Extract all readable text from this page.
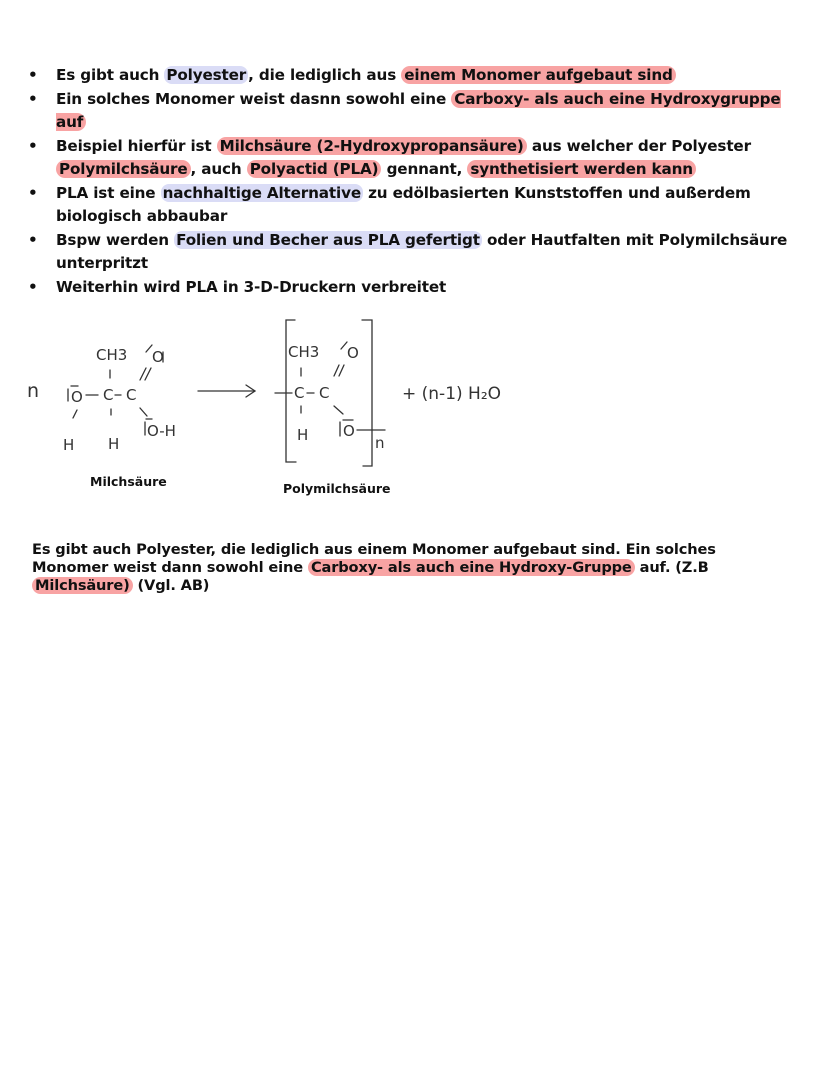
• Es gibt auch Polyester , die lediglich aus einem Monomer aufgebaut sind
• Ein solches Monomer weist dasnn sowohl eine Carboxy- als auch eine Hydroxygruppe auf
• Beispiel hierfür ist Milchsäure (2-Hydroxypropansäure) aus welcher der Polyester Polymilchsäure , auch Polyactid (PLA) gennant, synthetisiert werden kann
• PLA ist eine nachhaltige Alternative zu edölbasierten Kunststoffen und außerdem biologisch abbaubar
• Bspw werden Folien und Becher aus PLA gefertigt oder Hautfalten mit Polymilchsäure unterpritzt
• Weiterhin wird PLA in 3-D-Druckern verbreitet
n
CH3 O
O C C
H H
O-H
CH3 O
C C
H O
n
+ (n-1) H₂O
Milchsäure	Polymilchsäure

Es gibt auch Polyester, die lediglich aus einem Monomer aufgebaut sind. Ein solches Monomer weist dann sowohl eine Carboxy- als auch eine Hydroxy-Gruppe auf. (Z.B Milchsäure) (Vgl. AB)
